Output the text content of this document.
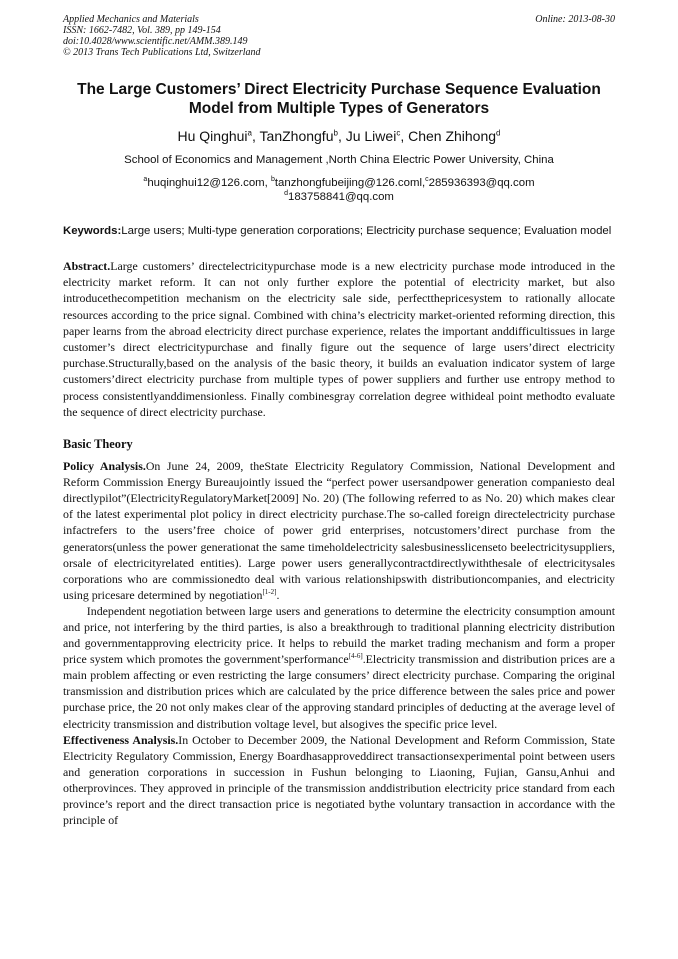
Applied Mechanics and Materials
ISSN: 1662-7482, Vol. 389, pp 149-154
doi:10.4028/www.scientific.net/AMM.389.149
© 2013 Trans Tech Publications Ltd, Switzerland
Online: 2013-08-30
The Large Customers’ Direct Electricity Purchase Sequence Evaluation Model from Multiple Types of Generators
Hu Qinghui$^a$, TanZhongfu$^b$, Ju Liwei$^c$, Chen Zhihong$^d$
School of Economics and Management ,North China Electric Power University, China
$^a$huqinghui12@126.com, $^b$tanzhongfubeijing@126.coml,$^c$285936393@qq.com
$^d$183758841@qq.com
Keywords:Large users; Multi-type generation corporations; Electricity purchase sequence; Evaluation model
Abstract.Large customers’ directelectricitypurchase mode is a new electricity purchase mode introduced in the electricity market reform. It can not only further explore the potential of electricity market, but also introducethecompetition mechanism on the electricity sale side, perfectthepricesystem to rationally allocate resources according to the price signal. Combined with china’s electricity market-oriented reforming direction, this paper learns from the abroad electricity direct purchase experience, relates the important anddifficultissues in large customer’s direct electricitypurchase and finally figure out the sequence of large users’direct electricity purchase.Structurally,based on the analysis of the basic theory, it builds an evaluation indicator system of large customers’direct electricity purchase from multiple types of power suppliers and further use entropy method to process consistentlyanddimensionless. Finally combinesgray correlation degree withideal point methodto evaluate the sequence of direct electricity purchase.
Basic Theory
Policy Analysis.On June 24, 2009, theState Electricity Regulatory Commission, National Development and Reform Commission Energy Bureaujointly issued the “perfect power usersandpower generation companiesto deal directlypilot”(ElectricityRegulatoryMarket[2009] No. 20) (The following referred to as No. 20) which makes clear of the latest experimental plot policy in direct electricity purchase.The so-called foreign directelectricity purchase infactrefers to the users’free choice of power grid enterprises, notcustomers’direct purchase from the generators(unless the power generationat the same timeholdelectricity salesbusinesslicenseto beelectricitysuppliers, orsale of electricityrelated entities). Large power users generallycontractdirectlywiththesale of electricitysales corporations who are commissionedto deal with various relationshipswith distributioncompanies, and electricity using pricesare determined by negotiation[1-2].
Independent negotiation between large users and generations to determine the electricity consumption amount and price, not interfering by the third parties, is also a breakthrough to traditional planning electricity distribution and governmentapproving electricity price. It helps to rebuild the market trading mechanism and form a proper price system which promotes the government’sperformance[4-6].Electricity transmission and distribution prices are a main problem affecting or even restricting the large consumers’ direct electricity purchase. Comparing the original transmission and distribution prices which are calculated by the price difference between the sales price and power purchase price, the 20 not only makes clear of the approving standard principles of deducting at the average level of electricity transmission and distribution voltage level, but alsogives the specific price level.
Effectiveness Analysis.In October to December 2009, the National Development and Reform Commission, State Electricity Regulatory Commission, Energy Boardhasapproveddirect transactionsexperimental point between users and generation corporations in succession in Fushun belonging to Liaoning, Fujian, Gansu,Anhui and otherprovinces. They approved in principle of the transmission anddistribution electricity price standard from each province’s report and the direct transaction price is negotiated bythe voluntary transaction in accordance with the principle of
